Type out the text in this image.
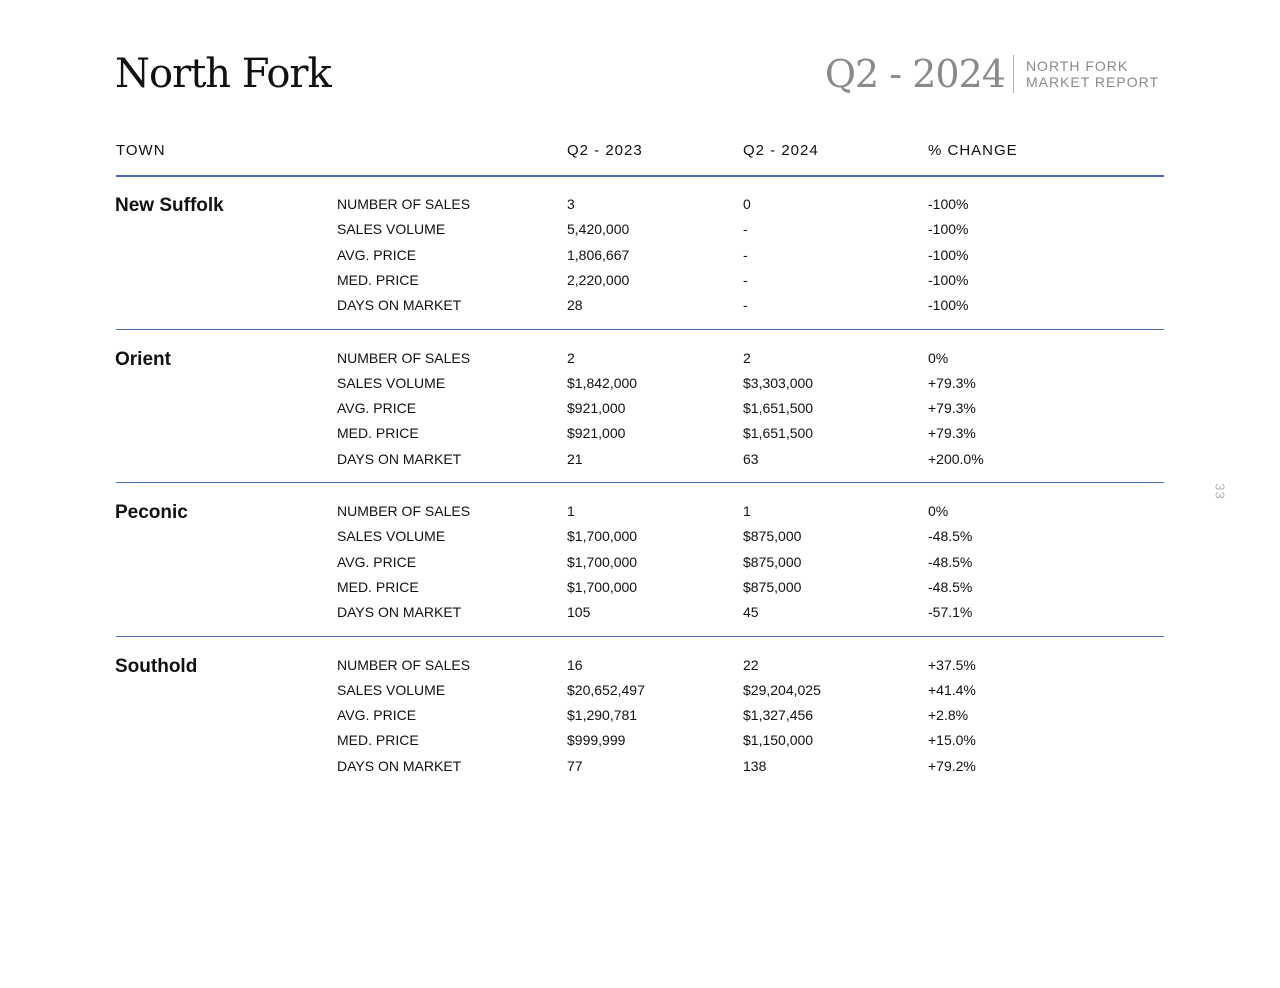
North Fork	Q2 - 2024 NORTH FORK
MARKET REPORT
TOWN	Q2 - 2023	Q2 - 2024	% CHANGE
New Suffolk	NUMBER OF SALES	3	0	-100%
SALES VOLUME	5,420,000	-	-100%
AVG. PRICE	1,806,667	-	-100%
MED. PRICE	2,220,000	-	-100%
DAYS ON MARKET	28	-	-100%
Orient	NUMBER OF SALES	2	2	0%
SALES VOLUME	$1,842,000	$3,303,000	+79.3%
AVG. PRICE	$921,000	$1,651,500	+79.3%
MED. PRICE	$921,000	$1,651,500	+79.3%
DAYS ON MARKET	21	63	+200.0%
Peconic	NUMBER OF SALES	1	1	0%
SALES VOLUME	$1,700,000	$875,000	-48.5%
AVG. PRICE	$1,700,000	$875,000	-48.5%
MED. PRICE	$1,700,000	$875,000	-48.5%
DAYS ON MARKET	105	45	-57.1%
Southold	NUMBER OF SALES	16	22	+37.5%
SALES VOLUME	$20,652,497	$29,204,025	+41.4%
AVG. PRICE	$1,290,781	$1,327,456	+2.8%
MED. PRICE	$999,999	$1,150,000	+15.0%
DAYS ON MARKET	77	138	+79.2%
33
